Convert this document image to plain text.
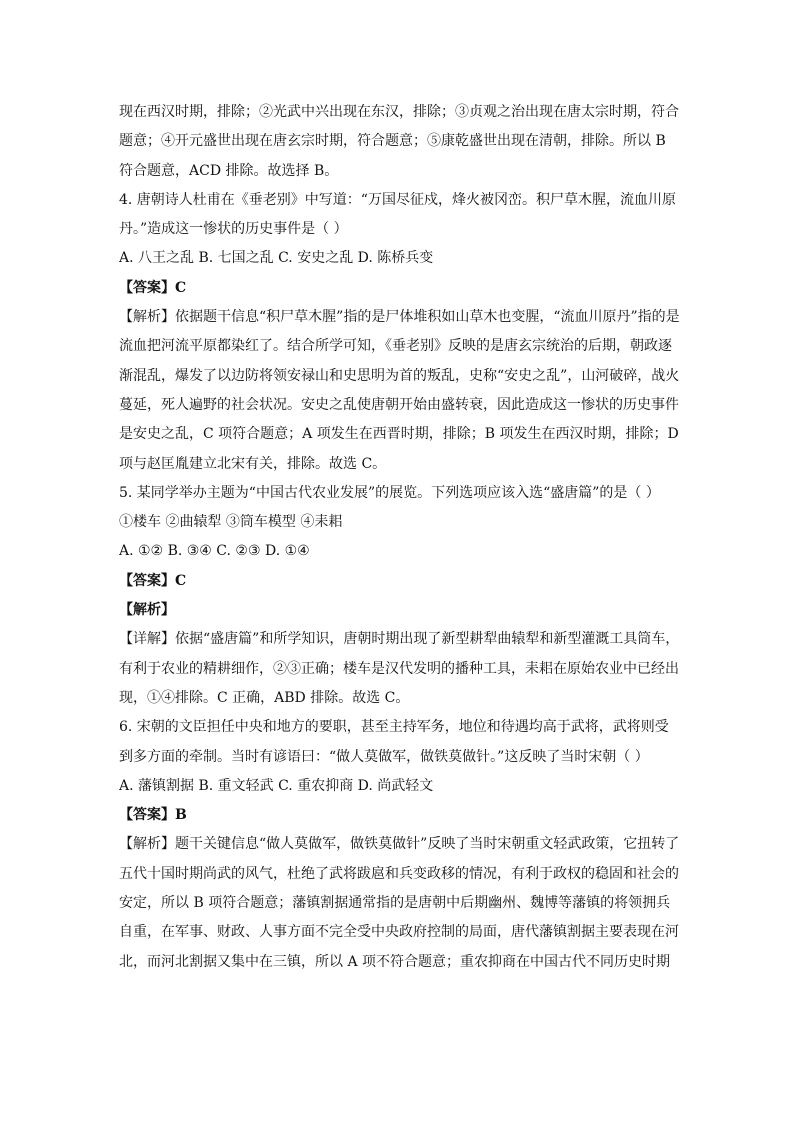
现在西汉时期，排除；②光武中兴出现在东汉，排除；③贞观之治出现在唐太宗时期，符合
题意；④开元盛世出现在唐玄宗时期，符合题意；⑤康乾盛世出现在清朝，排除。所以 B
符合题意，ACD 排除。故选择 B。
4. 唐朝诗人杜甫在《垂老别》中写道：“万国尽征戍，烽火被冈峦。积尸草木腥，流血川原
丹。”造成这一惨状的历史事件是（ ）
A. 八王之乱 B. 七国之乱 C. 安史之乱 D. 陈桥兵变
【答案】C
【解析】依据题干信息“积尸草木腥”指的是尸体堆积如山草木也变腥，“流血川原丹”指的是
流血把河流平原都染红了。结合所学可知，《垂老别》反映的是唐玄宗统治的后期，朝政逐
渐混乱，爆发了以边防将领安禄山和史思明为首的叛乱，史称“安史之乱”，山河破碎，战火
蔓延，死人遍野的社会状况。安史之乱使唐朝开始由盛转衰，因此造成这一惨状的历史事件
是安史之乱，C 项符合题意；A 项发生在西晋时期，排除；B 项发生在西汉时期，排除；D
项与赵匡胤建立北宋有关，排除。故选 C。
5. 某同学举办主题为“中国古代农业发展”的展览。下列选项应该入选“盛唐篇”的是（ ）
①楼车 ②曲辕犁 ③筒车模型 ④耒耜
A. ①② B. ③④ C. ②③ D. ①④
【答案】C
【解析】
【详解】依据“盛唐篇”和所学知识，唐朝时期出现了新型耕犁曲辕犁和新型灌溉工具筒车，
有利于农业的精耕细作，②③正确；楼车是汉代发明的播种工具，耒耜在原始农业中已经出
现，①④排除。C 正确，ABD 排除。故选 C。
6. 宋朝的文臣担任中央和地方的要职，甚至主持军务，地位和待遇均高于武将，武将则受
到多方面的牵制。当时有谚语曰：“做人莫做军，做铁莫做针。”这反映了当时宋朝（ ）
A. 藩镇割据 B. 重文轻武 C. 重农抑商 D. 尚武轻文
【答案】B
【解析】题干关键信息“做人莫做军，做铁莫做针”反映了当时宋朝重文轻武政策，它扭转了
五代十国时期尚武的风气，杜绝了武将跋扈和兵变政移的情况，有利于政权的稳固和社会的
安定，所以 B 项符合题意；藩镇割据通常指的是唐朝中后期幽州、魏博等藩镇的将领拥兵
自重，在军事、财政、人事方面不完全受中央政府控制的局面，唐代藩镇割据主要表现在河
北，而河北割据又集中在三镇，所以 A 项不符合题意；重农抑商在中国古代不同历史时期
